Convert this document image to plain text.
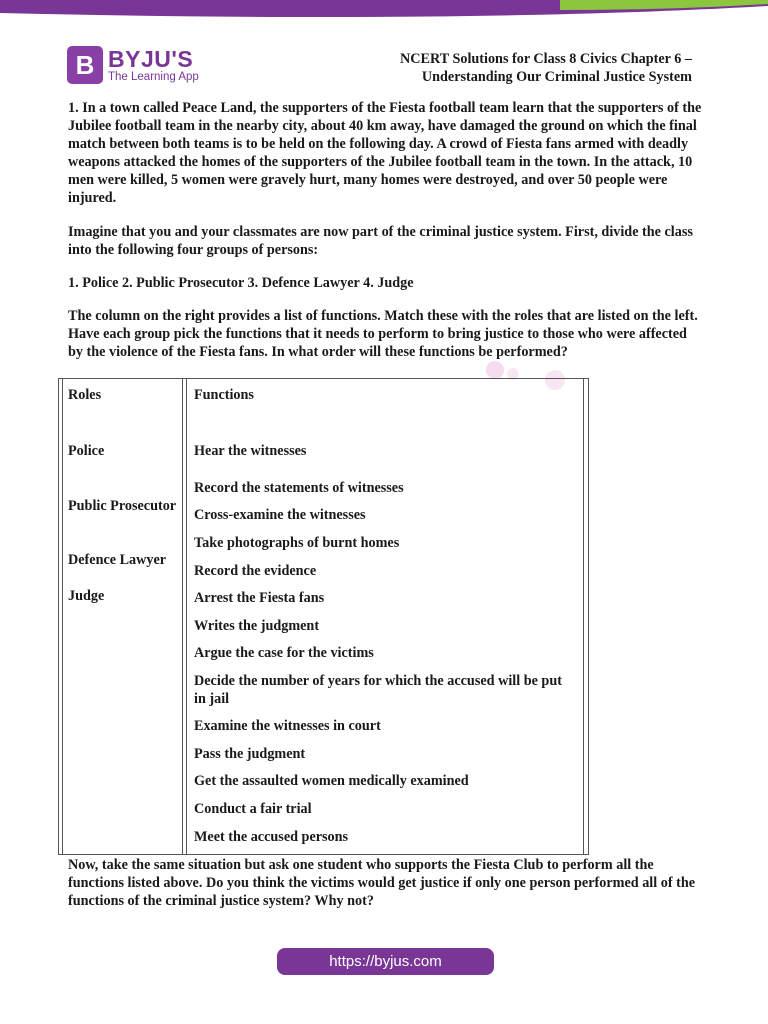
B BYJU'S
The Learning App
NCERT Solutions for Class 8 Civics Chapter 6 –
Understanding Our Criminal Justice System

1. In a town called Peace Land, the supporters of the Fiesta football team learn that the supporters of the Jubilee football team in the nearby city, about 40 km away, have damaged the ground on which the final match between both teams is to be held on the following day. A crowd of Fiesta fans armed with deadly weapons attacked the homes of the supporters of the Jubilee football team in the town. In the attack, 10 men were killed, 5 women were gravely hurt, many homes were destroyed, and over 50 people were injured.

Imagine that you and your classmates are now part of the criminal justice system. First, divide the class into the following four groups of persons:

1. Police 2. Public Prosecutor 3. Defence Lawyer 4. Judge

The column on the right provides a list of functions. Match these with the roles that are listed on the left. Have each group pick the functions that it needs to perform to bring justice to those who were affected by the violence of the Fiesta fans. In what order will these functions be performed?

Roles	Functions
Police
Public Prosecutor
Defence Lawyer
Judge
Hear the witnesses
Record the statements of witnesses
Cross-examine the witnesses
Take photographs of burnt homes
Record the evidence
Arrest the Fiesta fans
Writes the judgment
Argue the case for the victims
Decide the number of years for which the accused will be put in jail
Examine the witnesses in court
Pass the judgment
Get the assaulted women medically examined
Conduct a fair trial
Meet the accused persons

Now, take the same situation but ask one student who supports the Fiesta Club to perform all the functions listed above. Do you think the victims would get justice if only one person performed all of the functions of the criminal justice system? Why not?

https://byjus.com
